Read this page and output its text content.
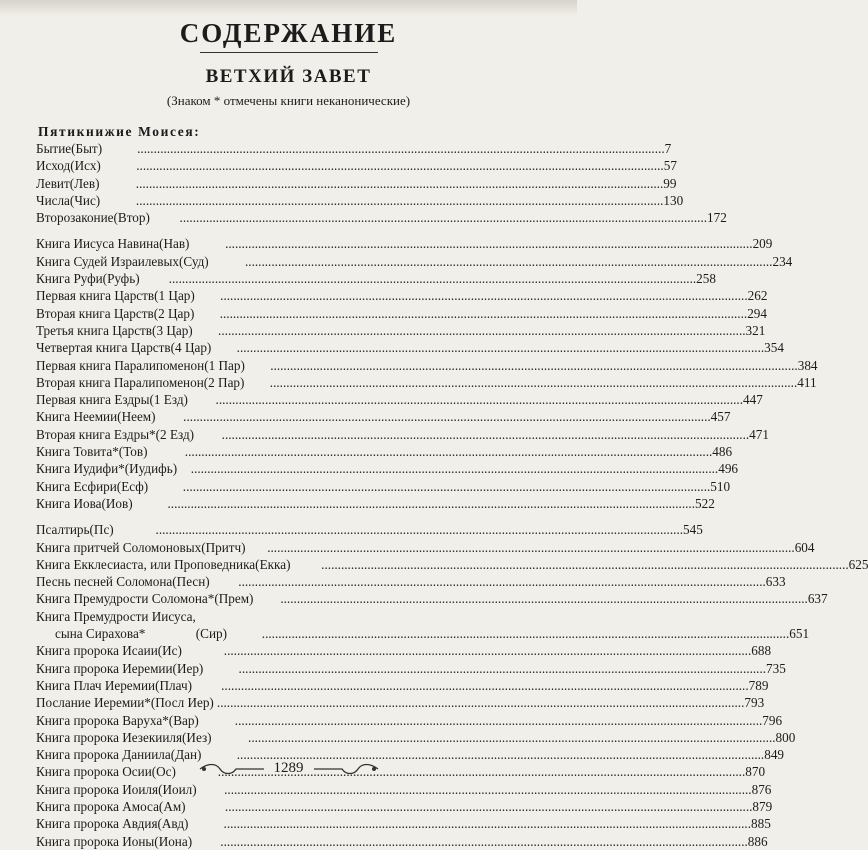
СОДЕРЖАНИЕ
ВЕТХИЙ ЗАВЕТ
(Знаком * отмечены книги неканонические)
Пятикнижие Моисея:
Бытие (Быт) .....	7
Исход (Исх) .....	57
Левит (Лев) .....	99
Числа (Чис) .....	130
Второзаконие (Втор) .....	172
Книга Иисуса Навина (Нав) .....	209
Книга Судей Израилевых (Суд) .....	234
Книга Руфи (Руфь) .....	258
Первая книга Царств (1 Цар) .....	262
Вторая книга Царств (2 Цар) .....	294
Третья книга Царств (3 Цар) .....	321
Четвертая книга Царств (4 Цар) .....	354
Первая книга Паралипоменон (1 Пар) .....	384
Вторая книга Паралипоменон (2 Пар) .....	411
Первая книга Ездры (1 Езд) .....	447
Книга Неемии (Неем) .....	457
Вторая книга Ездры* (2 Езд) .....	471
Книга Товита* (Тов) .....	486
Книга Иудифи* (Иудифь) .....	496
Книга Есфири (Есф) .....	510
Книга Иова (Иов) .....	522
Псалтирь (Пс) .....	545
Книга притчей Соломоновых (Притч) .....	604
Книга Екклесиаста, или Проповедника (Екка) .....	625
Песнь песней Соломона (Песн) .....	633
Книга Премудрости Соломона* (Прем) .....	637
Книга Премудрости Иисуса,
сына Сирахова*	(Сир) .....	651
Книга пророка Исаии (Ис) .....	688
Книга пророка Иеремии (Иер) .....	735
Книга Плач Иеремии (Плач) .....	789
Послание Иеремии* (Посл Иер) .....	793
Книга пророка Варуха* (Вар) .....	796
Книга пророка Иезекииля (Иез) .....	800
Книга пророка Даниила (Дан) .....	849
Книга пророка Осии (Ос) .....	870
Книга пророка Иоиля (Иоил) .....	876
Книга пророка Амоса (Ам) .....	879
Книга пророка Авдия (Авд) .....	885
Книга пророка Ионы (Иона) .....	886
1289
